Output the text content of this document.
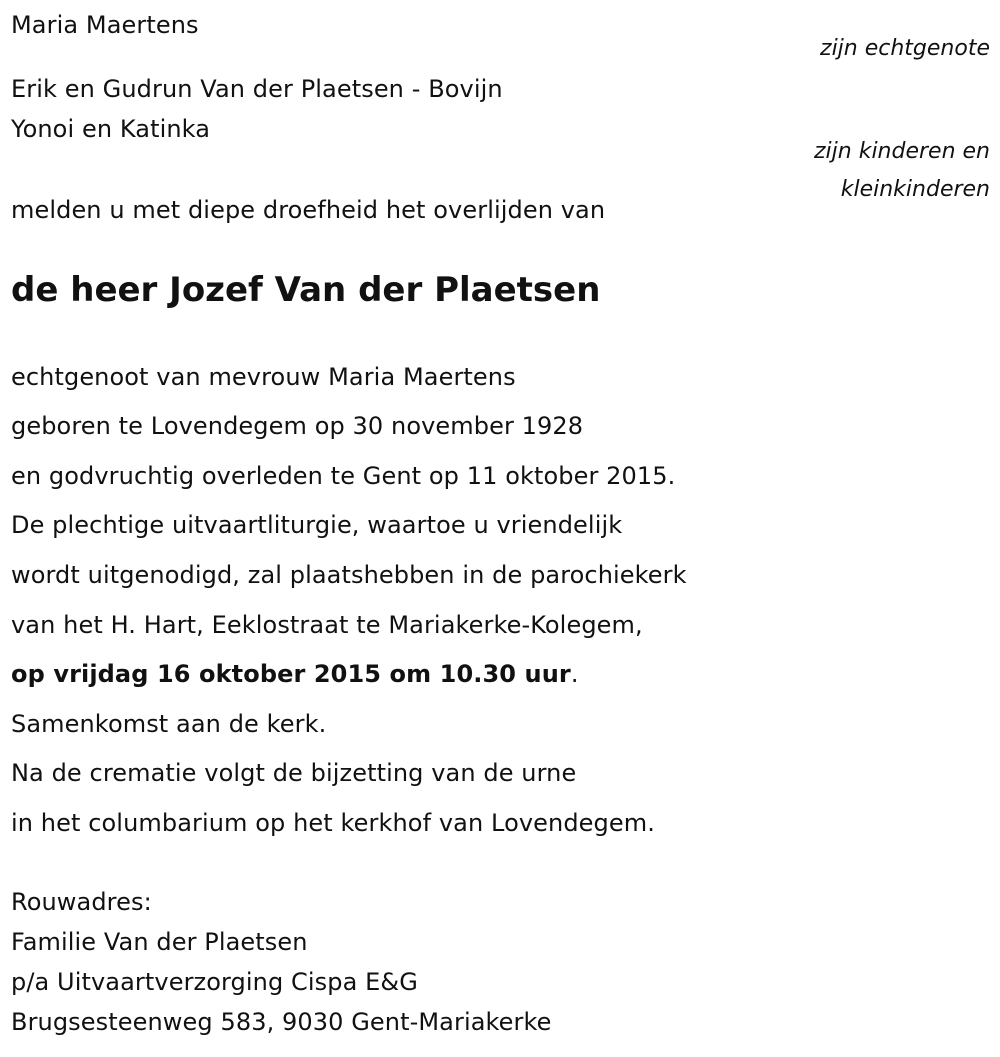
Maria Maertens
zijn echtgenote
Erik en Gudrun Van der Plaetsen - Bovijn
Yonoi en Katinka
zijn kinderen en
kleinkinderen
melden u met diepe droefheid het overlijden van
de heer Jozef Van der Plaetsen
echtgenoot van mevrouw Maria Maertens
geboren te Lovendegem op 30 november 1928
en godvruchtig overleden te Gent op 11 oktober 2015.
De plechtige uitvaartliturgie, waartoe u vriendelijk
wordt uitgenodigd, zal plaatshebben in de parochiekerk
van het H. Hart, Eeklostraat te Mariakerke-Kolegem,
op vrijdag 16 oktober 2015 om 10.30 uur.
Samenkomst aan de kerk.
Na de crematie volgt de bijzetting van de urne
in het columbarium op het kerkhof van Lovendegem.
Rouwadres:
Familie Van der Plaetsen
p/a Uitvaartverzorging Cispa E&G
Brugsesteenweg 583, 9030 Gent-Mariakerke
